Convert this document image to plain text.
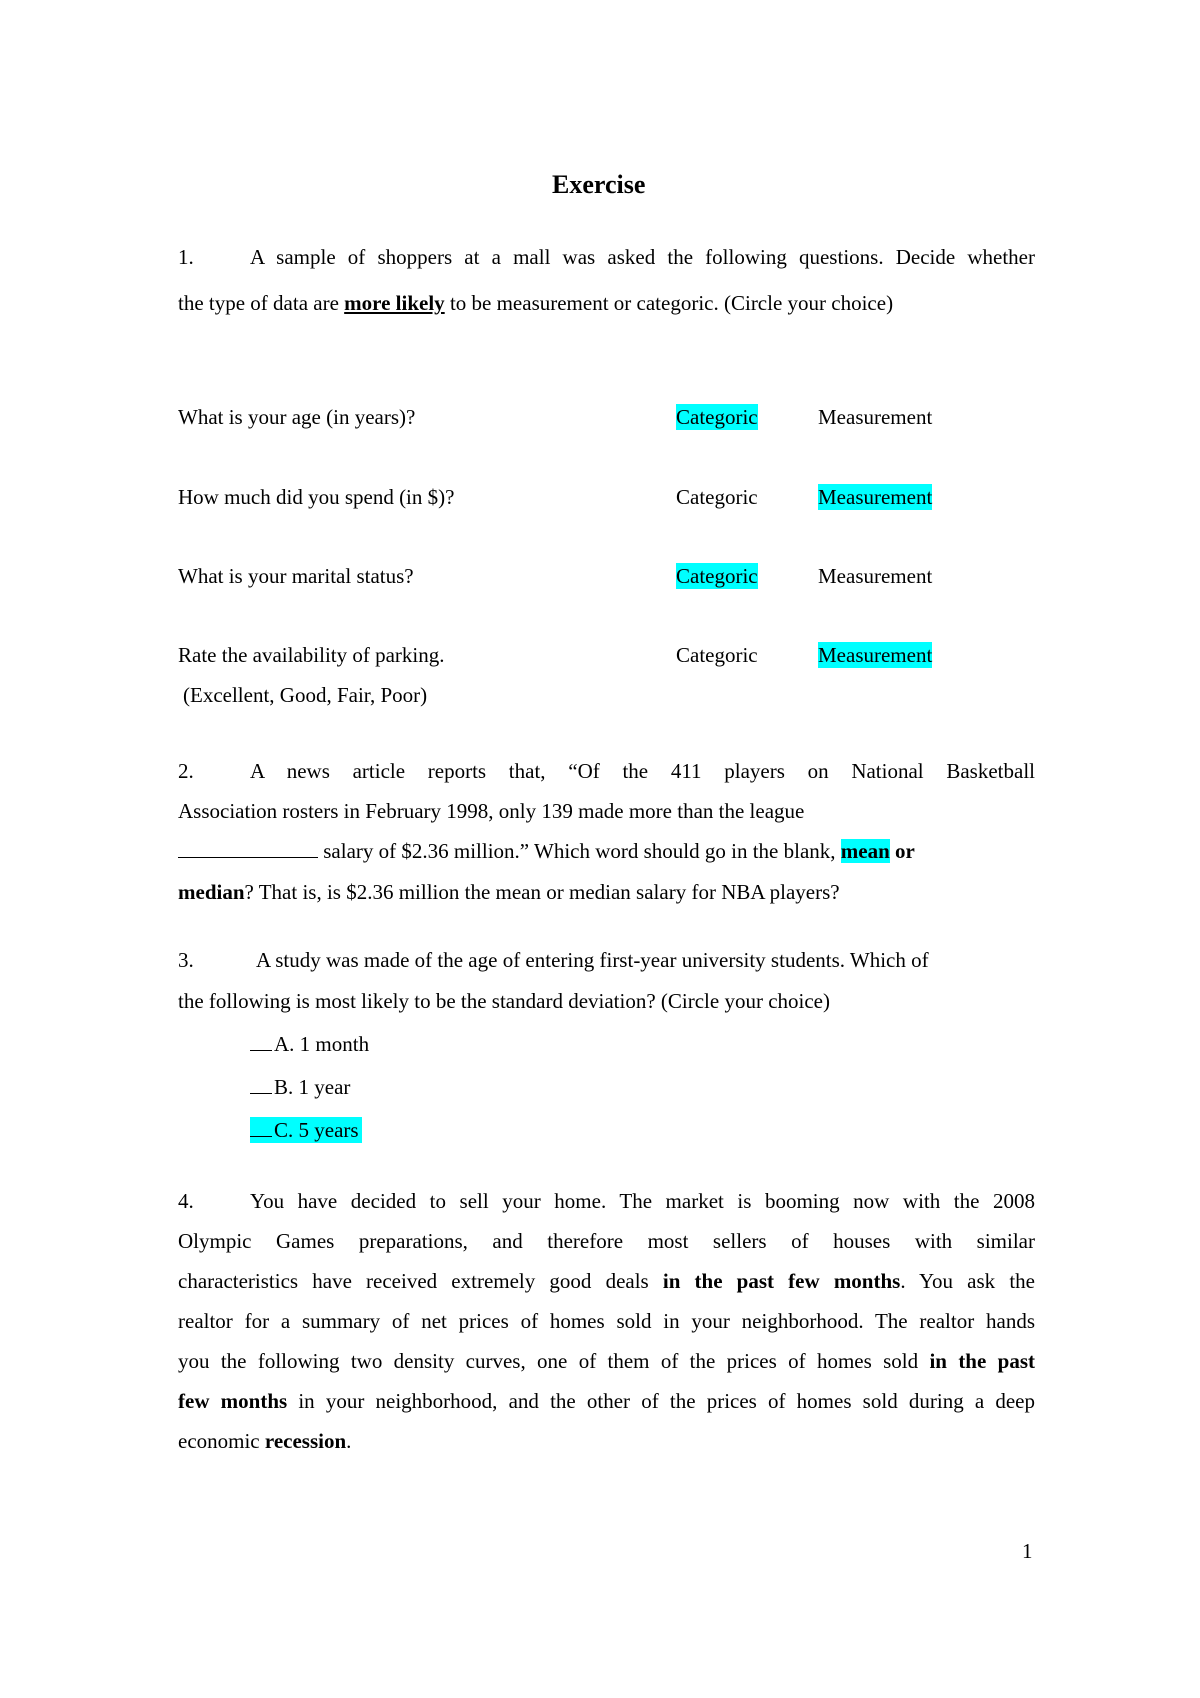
Exercise
1.	A sample of shoppers at a mall was asked the following questions. Decide whether
the type of data are more likely to be measurement or categoric. (Circle your choice)
What is your age (in years)?	Categoric	Measurement
How much did you spend (in $)?	Categoric	Measurement
What is your marital status?	Categoric	Measurement
Rate the availability of parking.	Categoric	Measurement
(Excellent, Good, Fair, Poor)
2.	A news article reports that, “Of the 411 players on National Basketball
Association rosters in February 1998, only 139 made more than the league
salary of $2.36 million.” Which word should go in the blank, mean or
median? That is, is $2.36 million the mean or median salary for NBA players?
3.	A study was made of the age of entering first-year university students. Which of
the following is most likely to be the standard deviation? (Circle your choice)
A. 1 month
B. 1 year
C. 5 years
4.	You have decided to sell your home. The market is booming now with the 2008
Olympic Games preparations, and therefore most sellers of houses with similar
characteristics have received extremely good deals in the past few months. You ask the
realtor for a summary of net prices of homes sold in your neighborhood. The realtor hands
you the following two density curves, one of them of the prices of homes sold in the past
few months in your neighborhood, and the other of the prices of homes sold during a deep
economic recession.
1
